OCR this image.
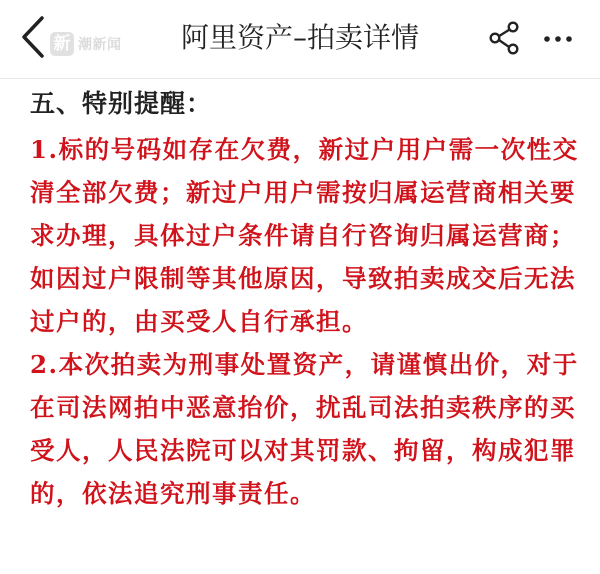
新 潮新闻	阿里资产–拍卖详情
五、特别提醒：
1.标的号码如存在欠费，新过户用户需一次性交
清全部欠费；新过户用户需按归属运营商相关要
求办理，具体过户条件请自行咨询归属运营商；
如因过户限制等其他原因，导致拍卖成交后无法
过户的，由买受人自行承担。
2.本次拍卖为刑事处置资产，请谨慎出价，对于
在司法网拍中恶意抬价，扰乱司法拍卖秩序的买
受人，人民法院可以对其罚款、拘留，构成犯罪
的，依法追究刑事责任。
